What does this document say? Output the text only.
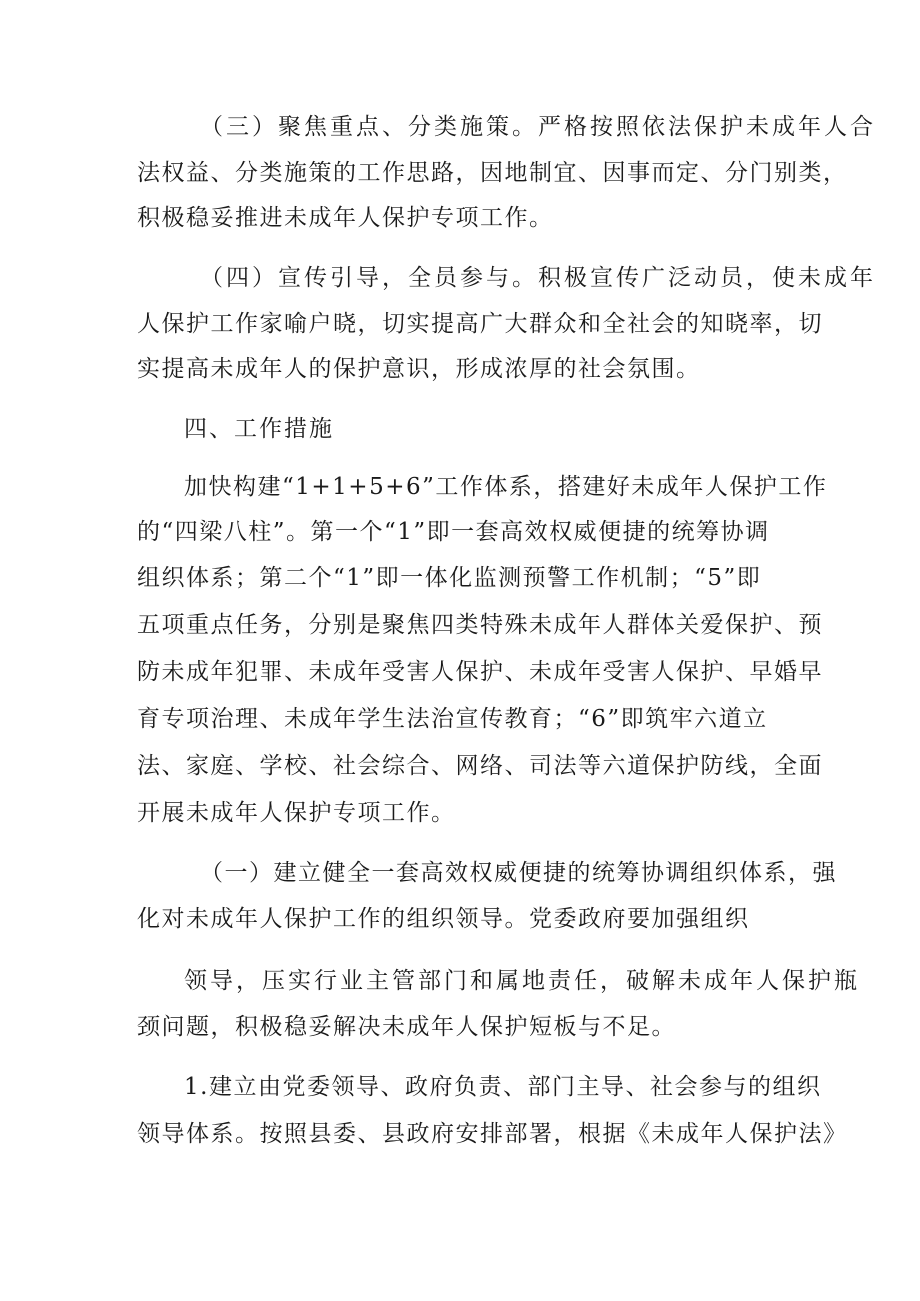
（三）聚焦重点、分类施策。严格按照依法保护未成年人合
法权益、分类施策的工作思路，因地制宜、因事而定、分门别类，
积极稳妥推进未成年人保护专项工作。
（四）宣传引导，全员参与。积极宣传广泛动员，使未成年
人保护工作家喻户晓，切实提高广大群众和全社会的知晓率，切
实提高未成年人的保护意识，形成浓厚的社会氛围。
四、工作措施
加快构建“1+1+5+6”工作体系，搭建好未成年人保护工作
的“四梁八柱”。第一个“1”即一套高效权威便捷的统筹协调
组织体系；第二个“1”即一体化监测预警工作机制；“5”即
五项重点任务，分别是聚焦四类特殊未成年人群体关爱保护、预
防未成年犯罪、未成年受害人保护、未成年受害人保护、早婚早
育专项治理、未成年学生法治宣传教育；“6”即筑牢六道立
法、家庭、学校、社会综合、网络、司法等六道保护防线，全面
开展未成年人保护专项工作。
（一）建立健全一套高效权威便捷的统筹协调组织体系，强
化对未成年人保护工作的组织领导。党委政府要加强组织
领导，压实行业主管部门和属地责任，破解未成年人保护瓶
颈问题，积极稳妥解决未成年人保护短板与不足。
1.建立由党委领导、政府负责、部门主导、社会参与的组织
领导体系。按照县委、县政府安排部署，根据《未成年人保护法》
